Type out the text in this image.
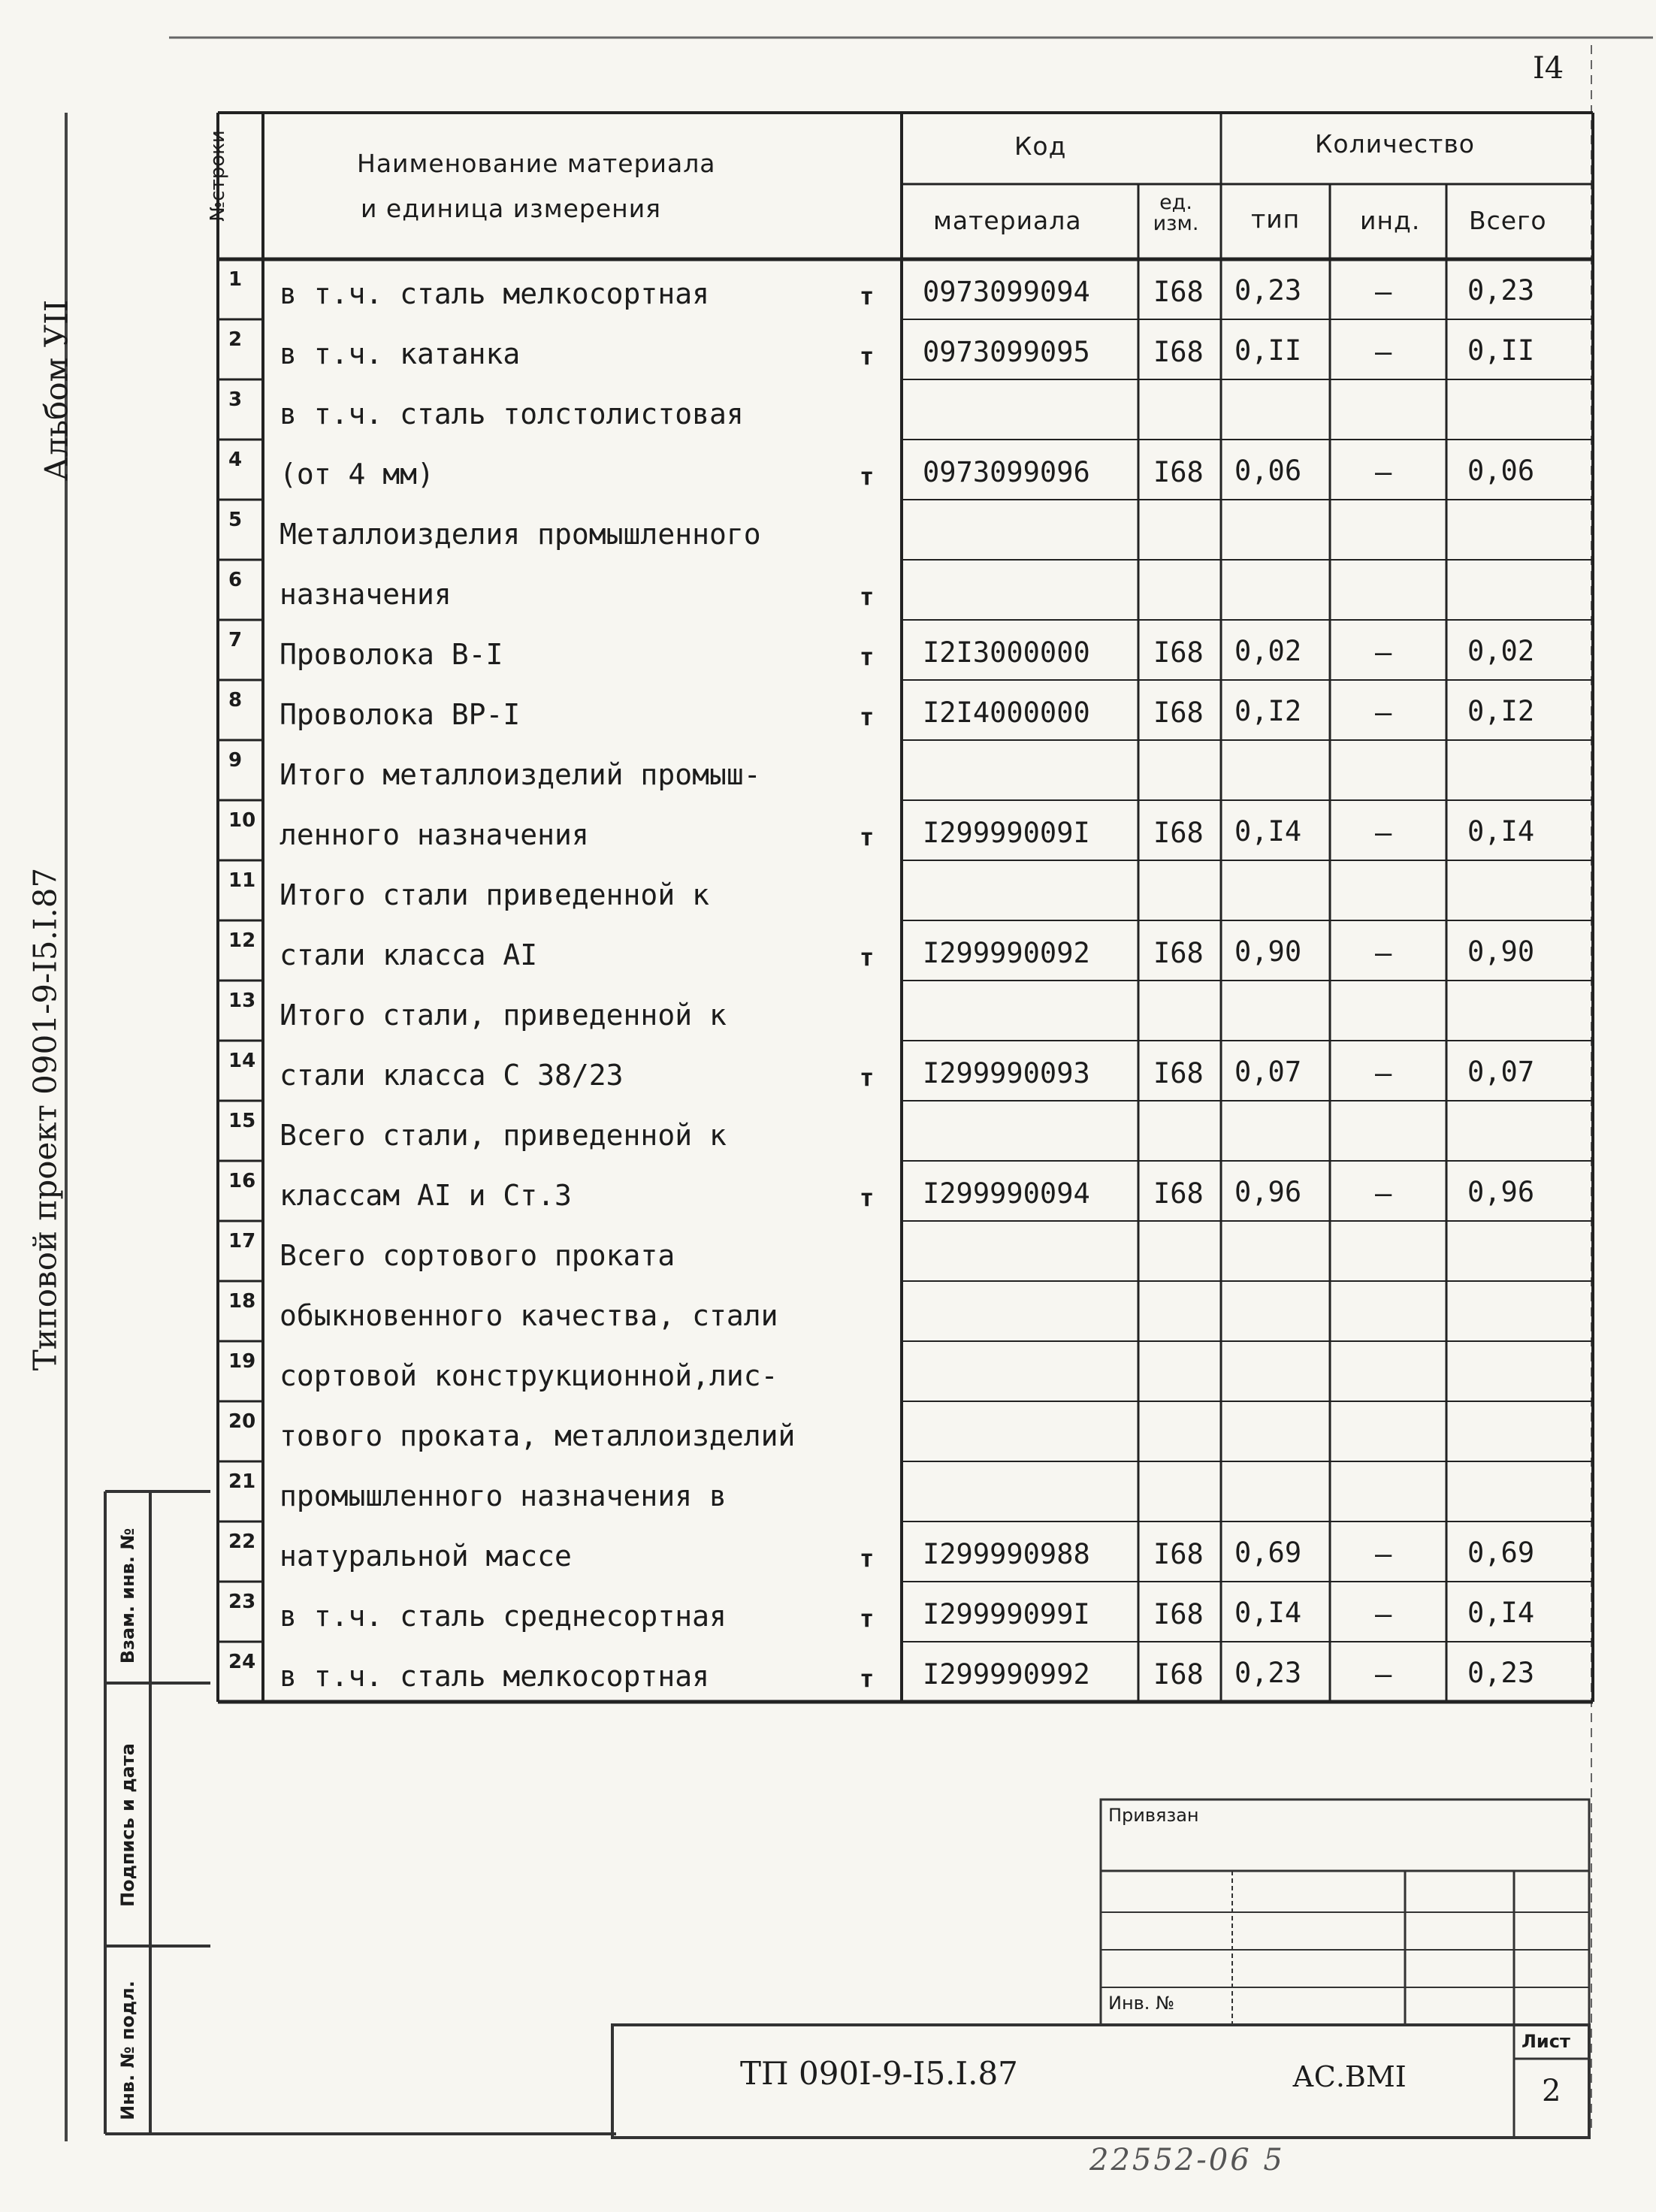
I4
Альбом УII
Типовой проект 0901-9-I5.I.87
Взам. инв. №
Подпись и дата
Инв. № подл.
№строки	Наименование материала
и единица измерения
Код	Количество
материала
ед. изм.	тип инд. Всего
1 в т.ч. сталь мелкосортная	т 0973099094 I68 0,23	–	0,23
2 в т.ч. катанка	т 0973099095 I68 0,II	–	0,II
3 в т.ч. сталь толстолистовая
4 (от 4 мм)	т 0973099096 I68 0,06	–	0,06
5 Металлоизделия промышленного
6 назначения	т
7 Проволока В-I	т I2I3000000 I68 0,02	–	0,02
8 Проволока ВР-I	т I2I4000000 I68 0,I2	–	0,I2
9 Итого металлоизделий промыш-
10 ленного назначения	т I29999009I I68 0,I4	–	0,I4
11 Итого стали приведенной к
12 стали класса АI	т I299990092 I68 0,90	–	0,90
13 Итого стали, приведенной к
14 стали класса С 38/23	т I299990093 I68 0,07	–	0,07
15 Всего стали, приведенной к
16 классам АI и Ст.3	т I299990094 I68 0,96	–	0,96
17 Всего сортового проката
18 обыкновенного качества, стали
19 сортовой конструкционной,лис-
20 тового проката, металлоизделий
21 промышленного назначения в
22 натуральной массе	т I299990988 I68 0,69	–	0,69
23 в т.ч. сталь среднесортная	т I29999099I I68 0,I4	–	0,I4
24 в т.ч. сталь мелкосортная	т I299990992 I68 0,23	–	0,23
Привязан
Инв. №
ТП 090I-9-I5.I.87	АС.ВМI
Лист
2
22552-06 5
